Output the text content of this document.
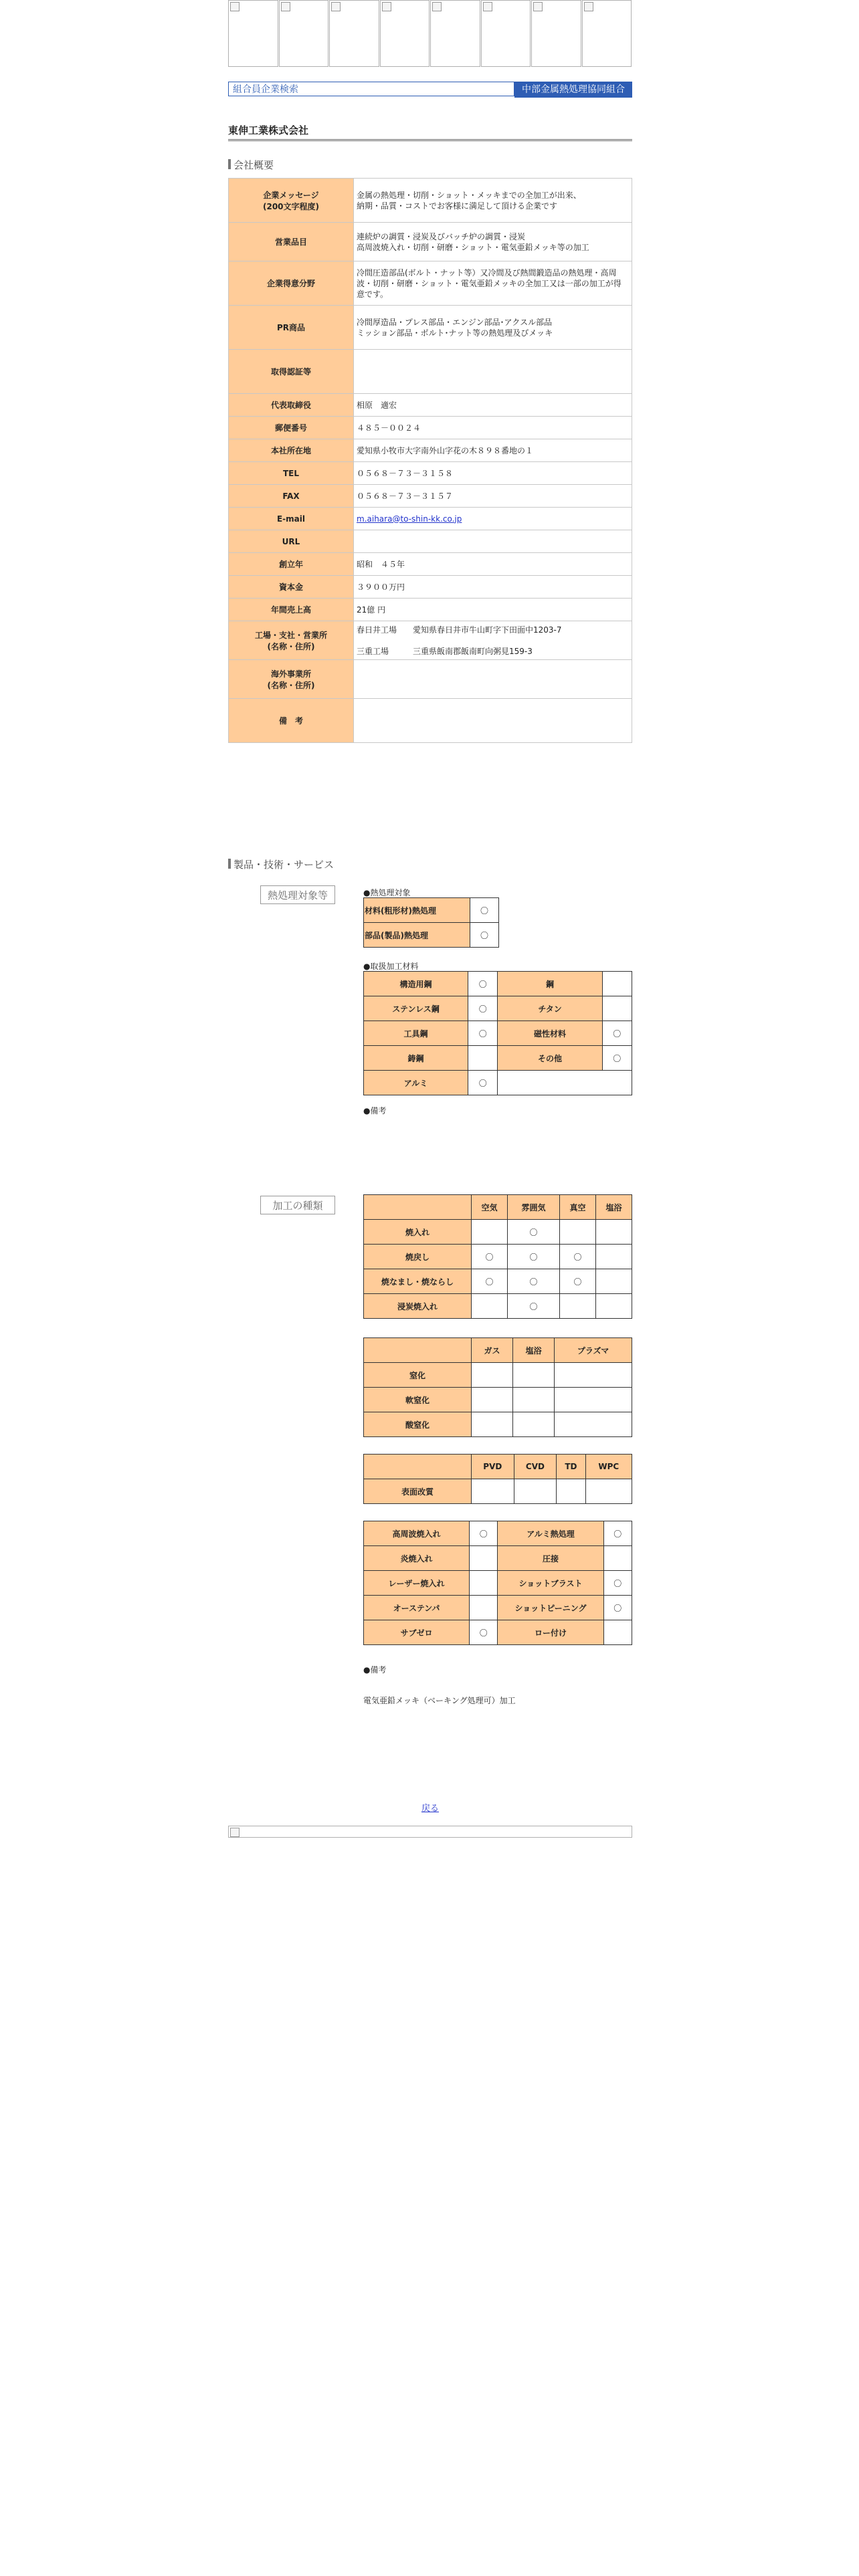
組合員企業検索	中部金属熱処理協同組合
東伸工業株式会社
会社概要
企業メッセージ
(200文字程度)	金属の熱処理・切削・ショット・メッキまでの全加工が出来、
納期・品質・コストでお客様に満足して頂ける企業です
営業品目	連続炉の調質・浸炭及びバッチ炉の調質・浸炭
高周波焼入れ・切削・研磨・ショット・電気亜鉛メッキ等の加工
企業得意分野	冷間圧造部品(ボルト・ナット等）又冷間及び熱間鍛造品の熱処理・高周波・切削・研磨・ショット・電気亜鉛メッキの全加工又は一部の加工が得意です。
PR商品	冷間厚造品・プレス部品・エンジン部品･アクスル部品
ミッション部品・ボルト･ナット等の熱処理及びメッキ
取得認証等	
代表取締役	相原　適宏
郵便番号	４８５－００２４
本社所在地	愛知県小牧市大字南外山字花の木８９８番地の１
TEL	０５６８－７３－３１５８
FAX	０５６８－７３－３１５７
E-mail	m.aihara@to-shin-kk.co.jp
URL	
創立年	昭和　４５年
資本金	３９００万円
年間売上高	21億 円
工場・支社・営業所
(名称・住所)	春日井工場　　愛知県春日井市牛山町字下田面中1203-7

三重工場　　　三重県飯南郡飯南町向粥見159-3
海外事業所
(名称・住所)	
備　考	
製品・技術・サービス
熱処理対象等	●熱処理対象
材料(粗形材)熱処理	〇
部品(製品)熱処理	〇
●取扱加工材料
構造用鋼	〇	鋼	
ステンレス鋼	〇	チタン	
工具鋼	〇	磁性材料	〇
鋳鋼		その他	〇
アルミ	〇		
●備考
加工の種類
		空気	雰囲気	真空	塩浴
焼入れ		〇		
焼戻し	〇	〇	〇	
焼なまし・焼ならし	〇	〇	〇	
浸炭焼入れ		〇		
	ガス	塩浴	プラズマ
窒化			
軟窒化			
酸窒化			
	PVD	CVD	TD	WPC
表面改質				
高周波焼入れ	〇	アルミ熱処理	〇
炎焼入れ		圧接	
レーザー焼入れ		ショットブラスト	〇
オーステンパ		ショットピーニング	〇
サブゼロ	〇	ロー付け	
●備考
電気亜鉛メッキ（ベーキング処理可）加工
戻る
